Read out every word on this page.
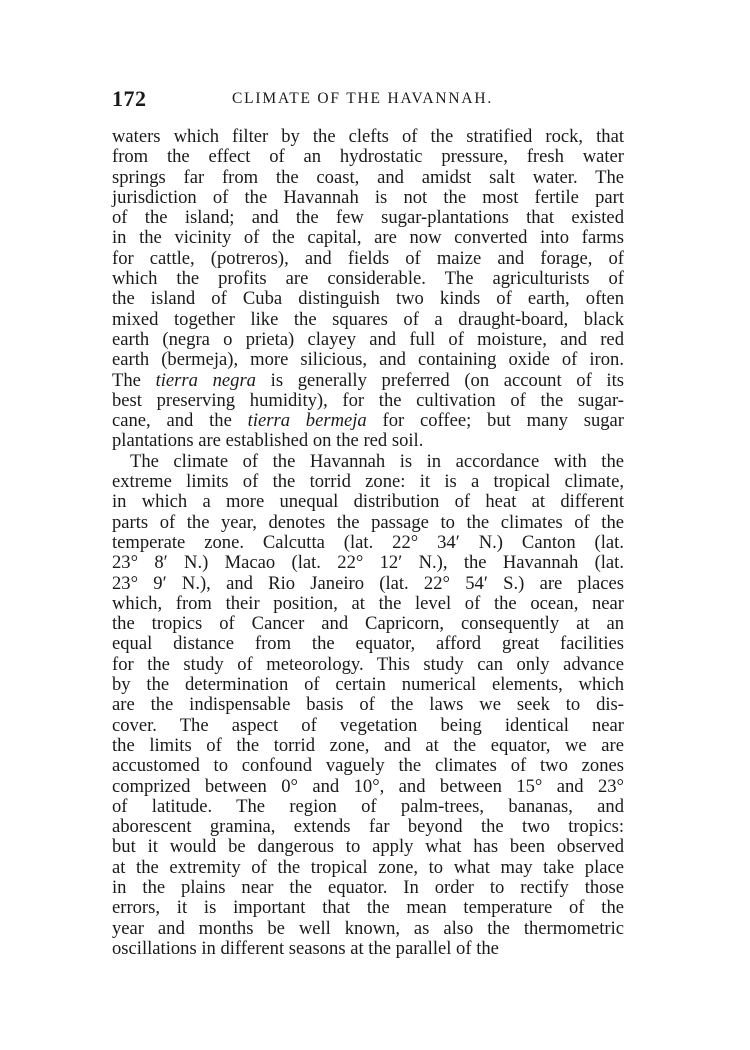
172	CLIMATE OF THE HAVANNAH.
waters which filter by the clefts of the stratified rock, that
from the effect of an hydrostatic pressure, fresh water
springs far from the coast, and amidst salt water. The
jurisdiction of the Havannah is not the most fertile part
of the island; and the few sugar-plantations that existed
in the vicinity of the capital, are now converted into farms
for cattle, (potreros), and fields of maize and forage, of
which the profits are considerable. The agriculturists of
the island of Cuba distinguish two kinds of earth, often
mixed together like the squares of a draught-board, black
earth (negra o prieta) clayey and full of moisture, and red
earth (bermeja), more silicious, and containing oxide of iron.
The tierra negra is generally preferred (on account of its
best preserving humidity), for the cultivation of the sugar-
cane, and the tierra bermeja for coffee; but many sugar
plantations are established on the red soil.
The climate of the Havannah is in accordance with the
extreme limits of the torrid zone: it is a tropical climate,
in which a more unequal distribution of heat at different
parts of the year, denotes the passage to the climates of the
temperate zone. Calcutta (lat. 22° 34′ N.) Canton (lat.
23° 8′ N.) Macao (lat. 22° 12′ N.), the Havannah (lat.
23° 9′ N.), and Rio Janeiro (lat. 22° 54′ S.) are places
which, from their position, at the level of the ocean, near
the tropics of Cancer and Capricorn, consequently at an
equal distance from the equator, afford great facilities
for the study of meteorology. This study can only advance
by the determination of certain numerical elements, which
are the indispensable basis of the laws we seek to dis-
cover. The aspect of vegetation being identical near
the limits of the torrid zone, and at the equator, we are
accustomed to confound vaguely the climates of two zones
comprized between 0° and 10°, and between 15° and 23°
of latitude. The region of palm-trees, bananas, and
aborescent gramina, extends far beyond the two tropics:
but it would be dangerous to apply what has been observed
at the extremity of the tropical zone, to what may take place
in the plains near the equator. In order to rectify those
errors, it is important that the mean temperature of the
year and months be well known, as also the thermometric
oscillations in different seasons at the parallel of the
